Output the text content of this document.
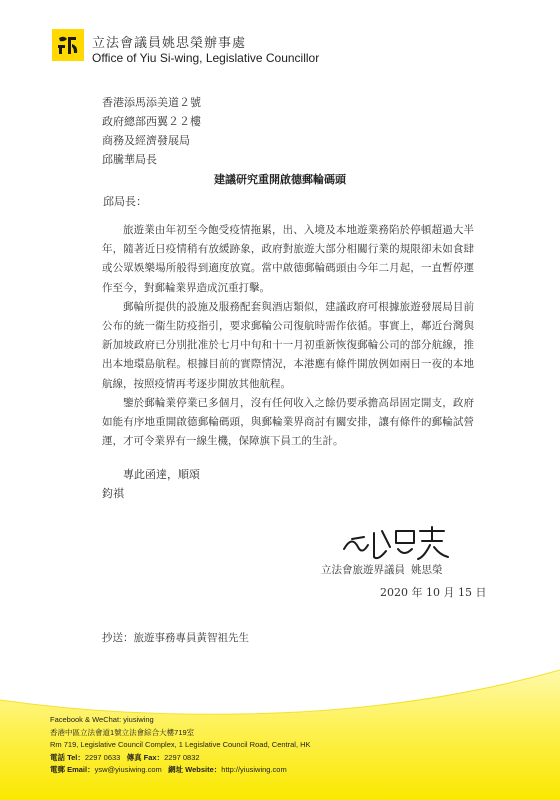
立法會議員姚思榮辦事處
Office of Yiu Si-wing, Legislative Councillor
香港添馬添美道２號
政府總部西翼２２樓
商務及經濟發展局
邱騰華局長
建議研究重開啟德郵輪碼頭
邱局長：

旅遊業由年初至今飽受疫情拖累，出、入境及本地遊業務陷於停頓超過大半年，隨著近日疫情稍有放緩跡象，政府對旅遊大部分相關行業的規限卻未如食肆或公眾娛樂場所般得到適度放寬。當中啟德郵輪碼頭由今年二月起，一直暫停運作至今，對郵輪業界造成沉重打擊。

郵輪所提供的設施及服務配套與酒店類似，建議政府可根據旅遊發展局目前公布的統一衞生防疫指引，要求郵輪公司復航時需作依循。事實上，鄰近台灣與新加坡政府已分別批准於七月中旬和十一月初重新恢復郵輪公司的部分航線，推出本地環島航程。根據目前的實際情況，本港應有條件開放例如兩日一夜的本地航線，按照疫情再考逐步開放其他航程。

鑒於郵輪業停業已多個月，沒有任何收入之餘仍要承擔高昂固定開支，政府如能有序地重開啟德郵輪碼頭，與郵輪業界商討有關安排，讓有條件的郵輪試營運，才可令業界有一線生機，保障旗下員工的生計。

專此函達，順頌
鈞祺
立法會旅遊界議員 姚思榮
2020 年 10 月 15 日
抄送：旅遊事務專員黃智祖先生
Facebook & WeChat: yiusiwing
香港中區立法會道1號立法會綜合大樓719室
Rm 719, Legislative Council Complex, 1 Legislative Council Road, Central, HK
電話 Tel：2297 0633 傳真 Fax：2297 0832
電郵 Email：ysw@yiusiwing.com 網址 Website：http://yiusiwing.com
